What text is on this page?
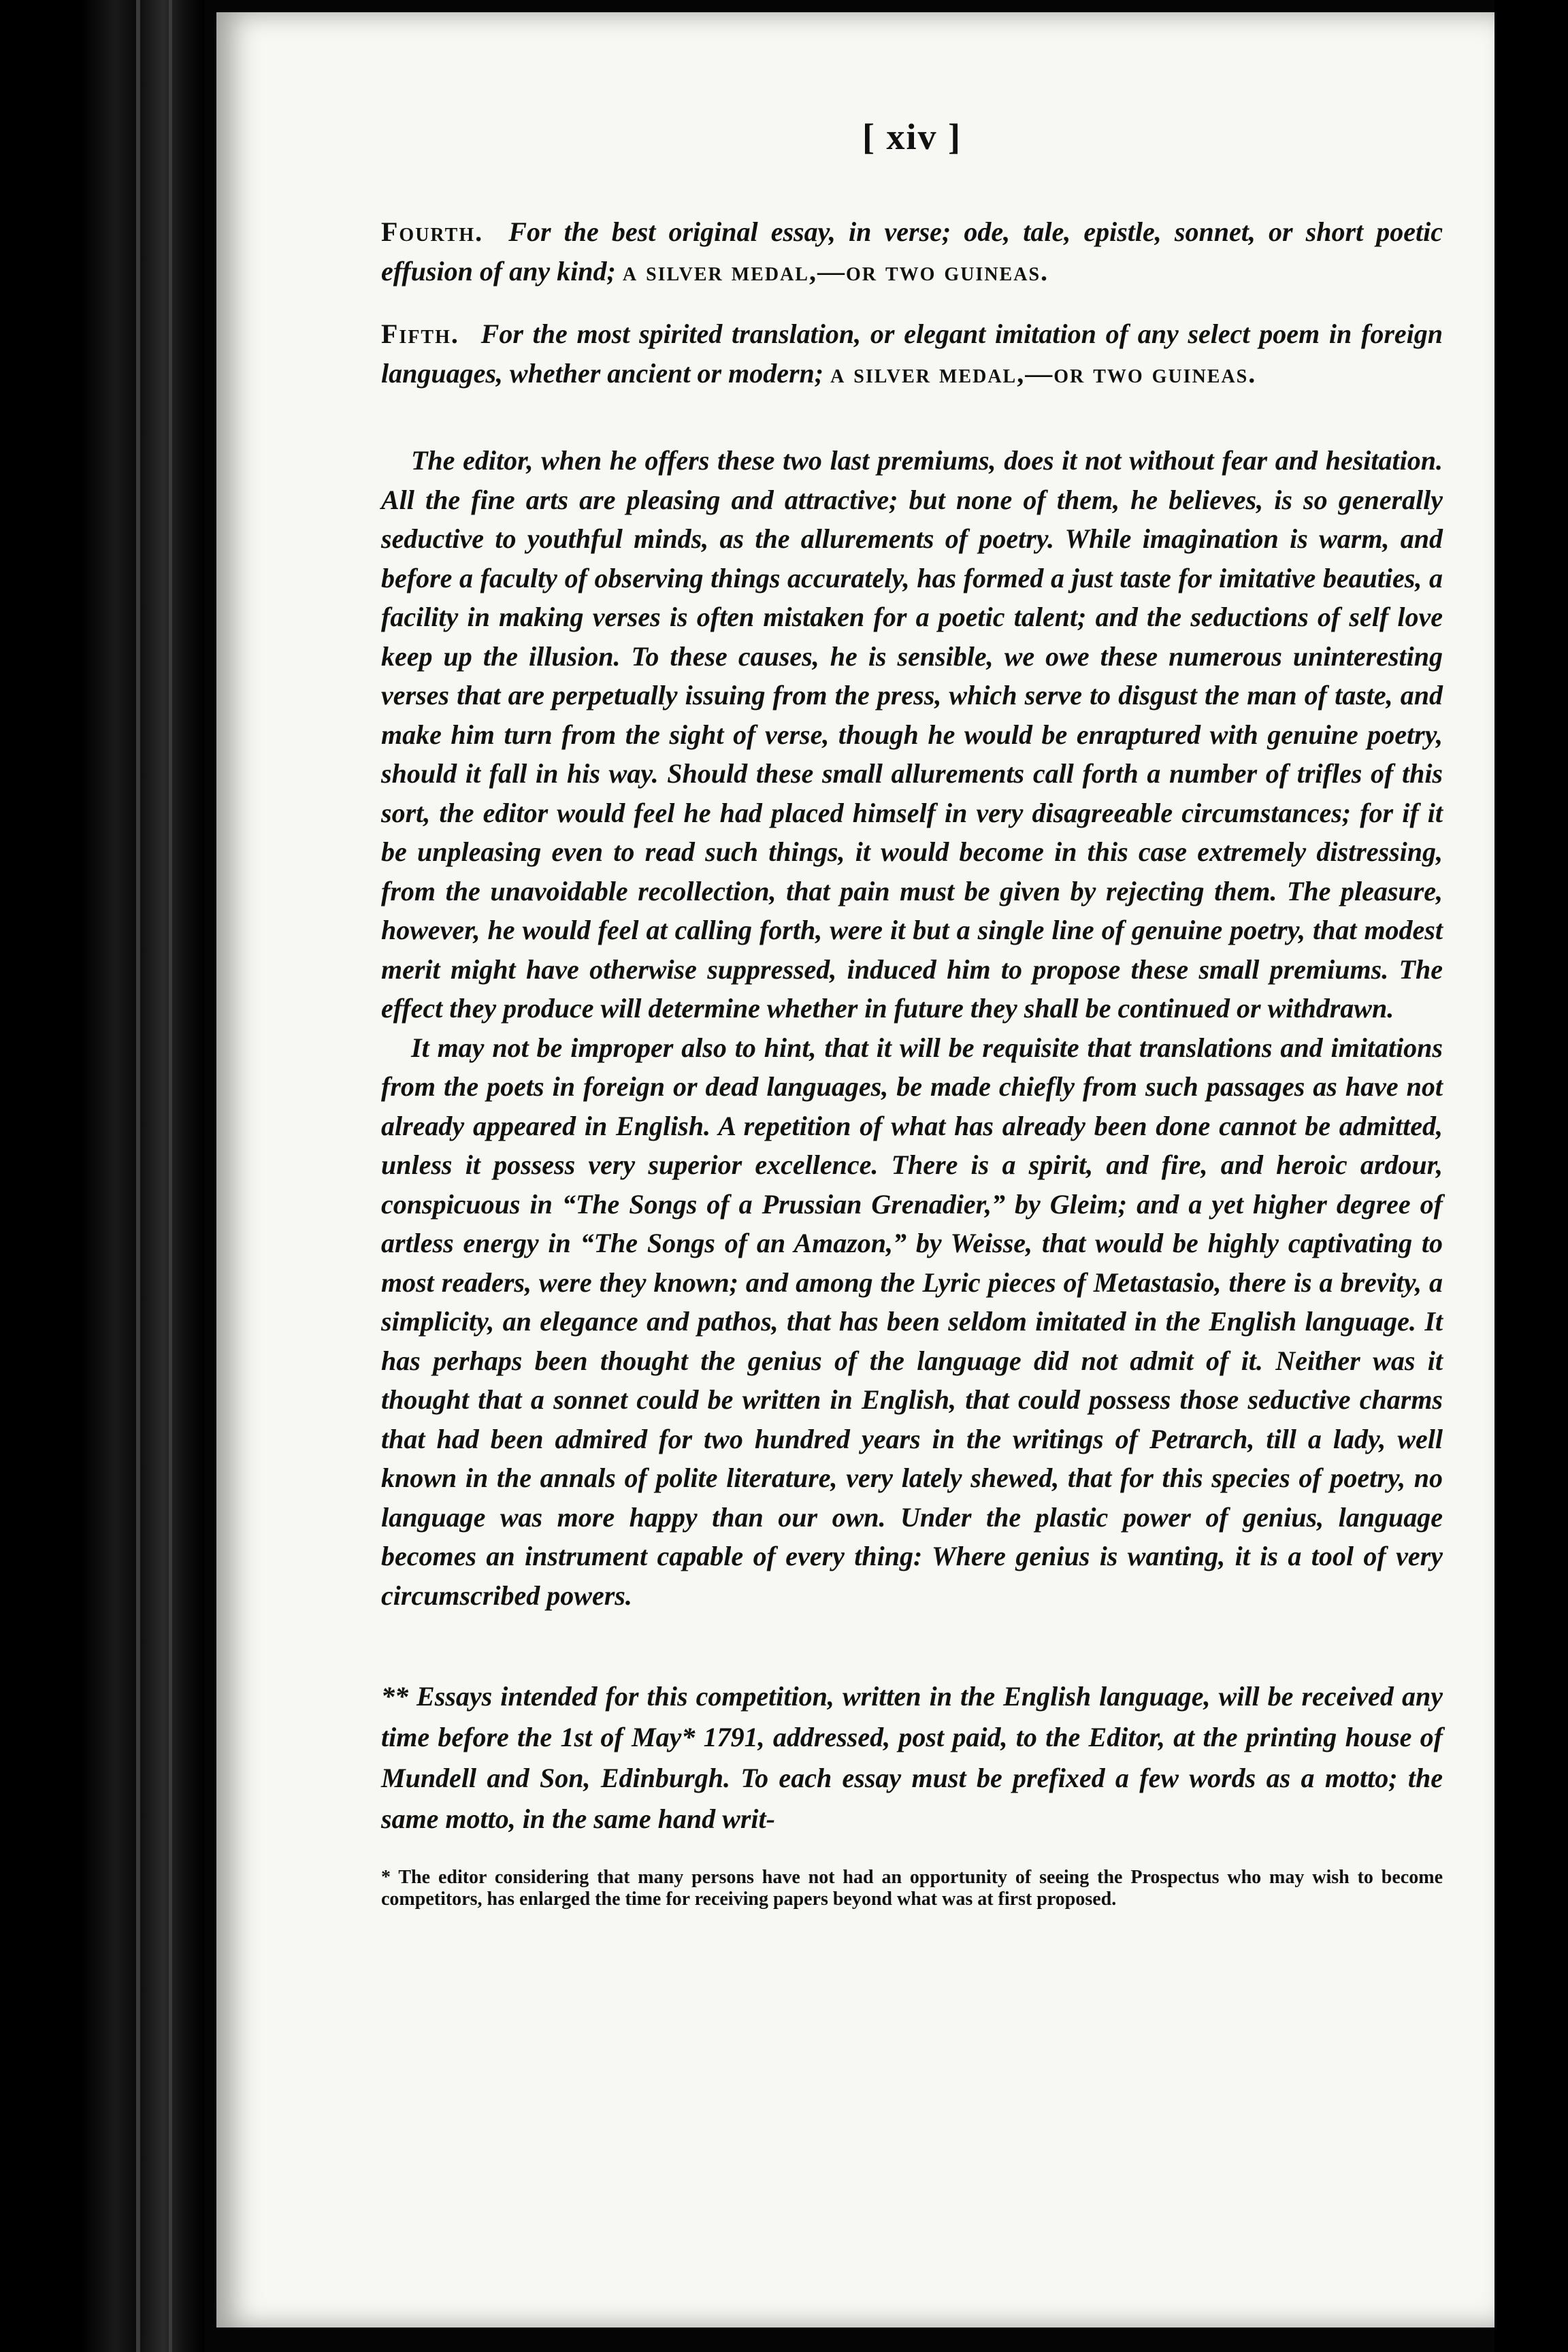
[ xiv ]

Fourth. For the best original essay, in verse; ode, tale, epistle, sonnet, or short poetic effusion of any kind; a silver medal,—or two guineas.

Fifth. For the most spirited translation, or elegant imitation of any select poem in foreign languages, whether ancient or modern; a silver medal,—or two guineas.

The editor, when he offers these two last premiums, does it not without fear and hesitation. All the fine arts are pleasing and attractive; but none of them, he believes, is so generally seductive to youthful minds, as the allurements of poetry. While imagination is warm, and before a faculty of observing things accurately, has formed a just taste for imitative beauties, a facility in making verses is often mistaken for a poetic talent; and the seductions of self love keep up the illusion. To these causes, he is sensible, we owe these numerous uninteresting verses that are perpetually issuing from the press, which serve to disgust the man of taste, and make him turn from the sight of verse, though he would be enraptured with genuine poetry, should it fall in his way. Should these small allurements call forth a number of trifles of this sort, the editor would feel he had placed himself in very disagreeable circumstances; for if it be unpleasing even to read such things, it would become in this case extremely distressing, from the unavoidable recollection, that pain must be given by rejecting them. The pleasure, however, he would feel at calling forth, were it but a single line of genuine poetry, that modest merit might have otherwise suppressed, induced him to propose these small premiums. The effect they produce will determine whether in future they shall be continued or withdrawn.

It may not be improper also to hint, that it will be requisite that translations and imitations from the poets in foreign or dead languages, be made chiefly from such passages as have not already appeared in English. A repetition of what has already been done cannot be admitted, unless it possess very superior excellence. There is a spirit, and fire, and heroic ardour, conspicuous in “The Songs of a Prussian Grenadier,” by Gleim; and a yet higher degree of artless energy in “The Songs of an Amazon,” by Weisse, that would be highly captivating to most readers, were they known; and among the Lyric pieces of Metastasio, there is a brevity, a simplicity, an elegance and pathos, that has been seldom imitated in the English language. It has perhaps been thought the genius of the language did not admit of it. Neither was it thought that a sonnet could be written in English, that could possess those seductive charms that had been admired for two hundred years in the writings of Petrarch, till a lady, well known in the annals of polite literature, very lately shewed, that for this species of poetry, no language was more happy than our own. Under the plastic power of genius, language becomes an instrument capable of every thing: Where genius is wanting, it is a tool of very circumscribed powers.

** Essays intended for this competition, written in the English language, will be received any time before the 1st of May* 1791, addressed, post paid, to the Editor, at the printing house of Mundell and Son, Edinburgh. To each essay must be prefixed a few words as a motto; the same motto, in the same hand writ-

* The editor considering that many persons have not had an opportunity of seeing the Prospectus who may wish to become competitors, has enlarged the time for receiving papers beyond what was at first proposed.
